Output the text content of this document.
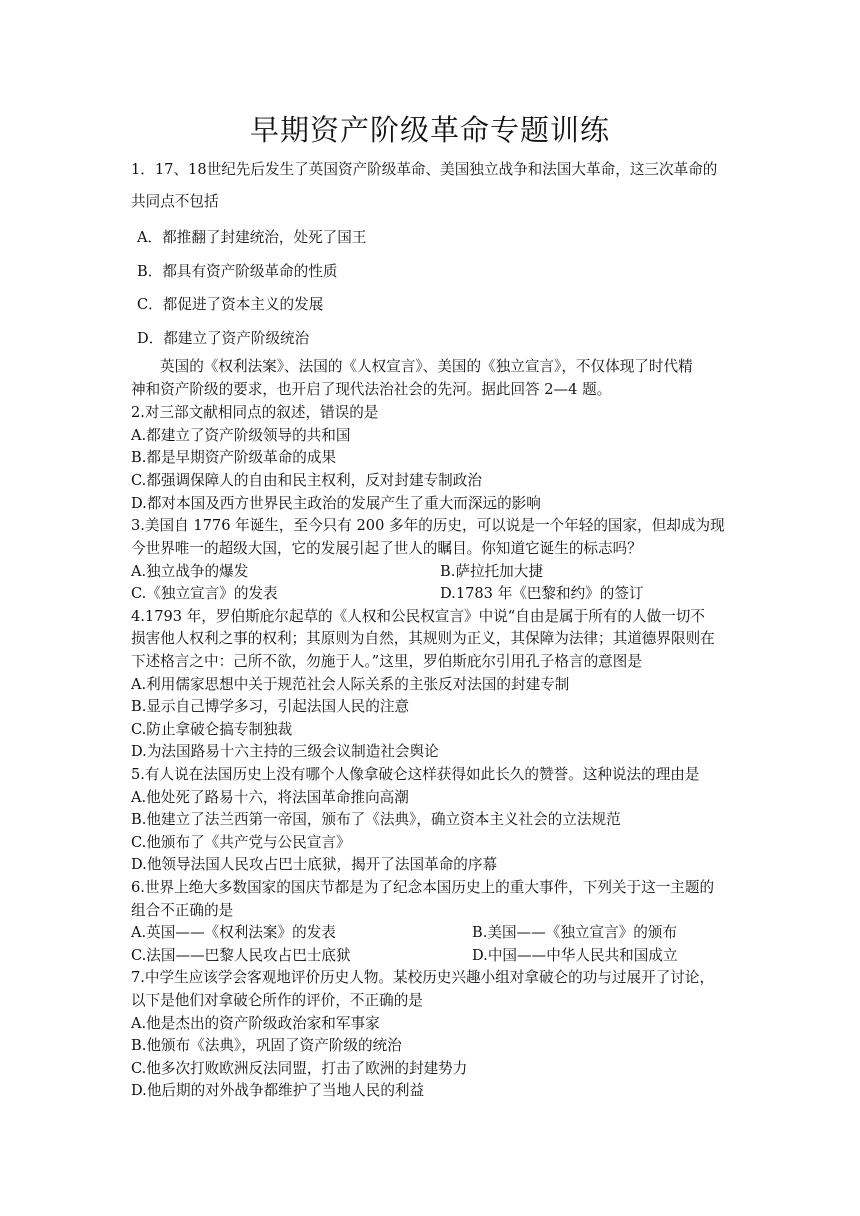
早期资产阶级革命专题训练
1．17、18世纪先后发生了英国资产阶级革命、美国独立战争和法国大革命，这三次革命的
共同点不包括
A．都推翻了封建统治，处死了国王
B．都具有资产阶级革命的性质
C．都促进了资本主义的发展
D．都建立了资产阶级统治
英国的《权利法案》、法国的《人权宣言》、美国的《独立宣言》，不仅体现了时代精
神和资产阶级的要求，也开启了现代法治社会的先河。据此回答 2—4 题。
2.对三部文献相同点的叙述，错误的是
A.都建立了资产阶级领导的共和国
B.都是早期资产阶级革命的成果
C.都强调保障人的自由和民主权利，反对封建专制政治
D.都对本国及西方世界民主政治的发展产生了重大而深远的影响
3.美国自 1776 年诞生，至今只有 200 多年的历史，可以说是一个年轻的国家，但却成为现
今世界唯一的超级大国，它的发展引起了世人的瞩目。你知道它诞生的标志吗？
A.独立战争的爆发	B.萨拉托加大捷
C.《独立宣言》的发表	D.1783 年《巴黎和约》的签订
4.1793 年，罗伯斯庇尔起草的《人权和公民权宣言》中说“自由是属于所有的人做一切不
损害他人权利之事的权利；其原则为自然，其规则为正义，其保障为法律；其道德界限则在
下述格言之中：己所不欲，勿施于人。”这里，罗伯斯庇尔引用孔子格言的意图是
A.利用儒家思想中关于规范社会人际关系的主张反对法国的封建专制
B.显示自己博学多习，引起法国人民的注意
C.防止拿破仑搞专制独裁
D.为法国路易十六主持的三级会议制造社会舆论
5.有人说在法国历史上没有哪个人像拿破仑这样获得如此长久的赞誉。这种说法的理由是
A.他处死了路易十六，将法国革命推向高潮
B.他建立了法兰西第一帝国，颁布了《法典》，确立资本主义社会的立法规范
C.他颁布了《共产党与公民宣言》
D.他领导法国人民攻占巴士底狱，揭开了法国革命的序幕
6.世界上绝大多数国家的国庆节都是为了纪念本国历史上的重大事件，下列关于这一主题的
组合不正确的是
A.英国——《权利法案》的发表	B.美国——《独立宣言》的颁布
C.法国——巴黎人民攻占巴士底狱	D.中国——中华人民共和国成立
7.中学生应该学会客观地评价历史人物。某校历史兴趣小组对拿破仑的功与过展开了讨论，
以下是他们对拿破仑所作的评价，不正确的是
A.他是杰出的资产阶级政治家和军事家
B.他颁布《法典》，巩固了资产阶级的统治
C.他多次打败欧洲反法同盟，打击了欧洲的封建势力
D.他后期的对外战争都维护了当地人民的利益
